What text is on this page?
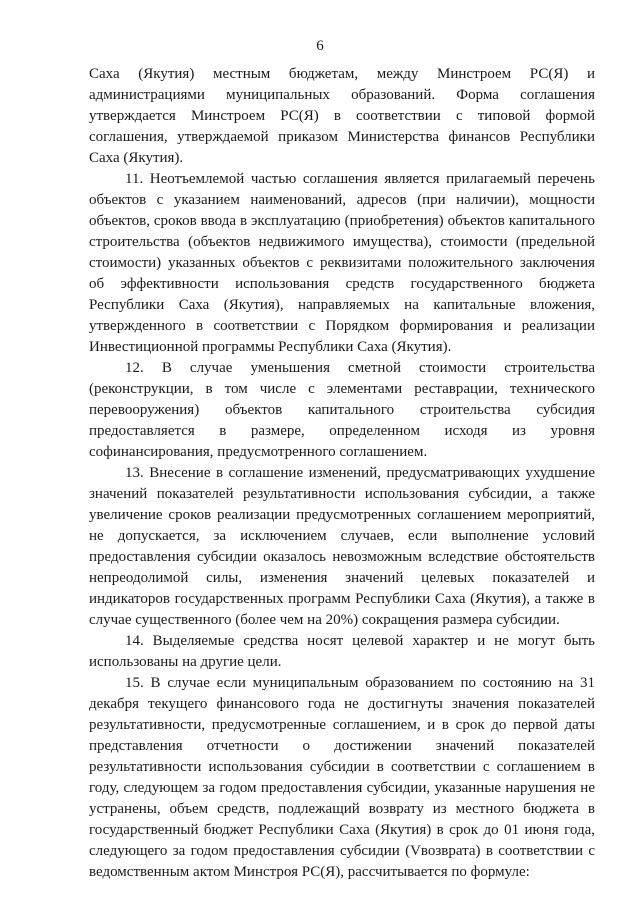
6

Саха (Якутия) местным бюджетам, между Минстроем РС(Я) и администрациями муниципальных образований. Форма соглашения утверждается Минстроем РС(Я) в соответствии с типовой формой соглашения, утверждаемой приказом Министерства финансов Республики Саха (Якутия).

11. Неотъемлемой частью соглашения является прилагаемый перечень объектов с указанием наименований, адресов (при наличии), мощности объектов, сроков ввода в эксплуатацию (приобретения) объектов капитального строительства (объектов недвижимого имущества), стоимости (предельной стоимости) указанных объектов с реквизитами положительного заключения об эффективности использования средств государственного бюджета Республики Саха (Якутия), направляемых на капитальные вложения, утвержденного в соответствии с Порядком формирования и реализации Инвестиционной программы Республики Саха (Якутия).

12. В случае уменьшения сметной стоимости строительства (реконструкции, в том числе с элементами реставрации, технического перевооружения) объектов капитального строительства субсидия предоставляется в размере, определенном исходя из уровня софинансирования, предусмотренного соглашением.

13. Внесение в соглашение изменений, предусматривающих ухудшение значений показателей результативности использования субсидии, а также увеличение сроков реализации предусмотренных соглашением мероприятий, не допускается, за исключением случаев, если выполнение условий предоставления субсидии оказалось невозможным вследствие обстоятельств непреодолимой силы, изменения значений целевых показателей и индикаторов государственных программ Республики Саха (Якутия), а также в случае существенного (более чем на 20%) сокращения размера субсидии.

14. Выделяемые средства носят целевой характер и не могут быть использованы на другие цели.

15. В случае если муниципальным образованием по состоянию на 31 декабря текущего финансового года не достигнуты значения показателей результативности, предусмотренные соглашением, и в срок до первой даты представления отчетности о достижении значений показателей результативности использования субсидии в соответствии с соглашением в году, следующем за годом предоставления субсидии, указанные нарушения не устранены, объем средств, подлежащий возврату из местного бюджета в государственный бюджет Республики Саха (Якутия) в срок до 01 июня года, следующего за годом предоставления субсидии (Vвозврата) в соответствии с ведомственным актом Минстроя РС(Я), рассчитывается по формуле:
